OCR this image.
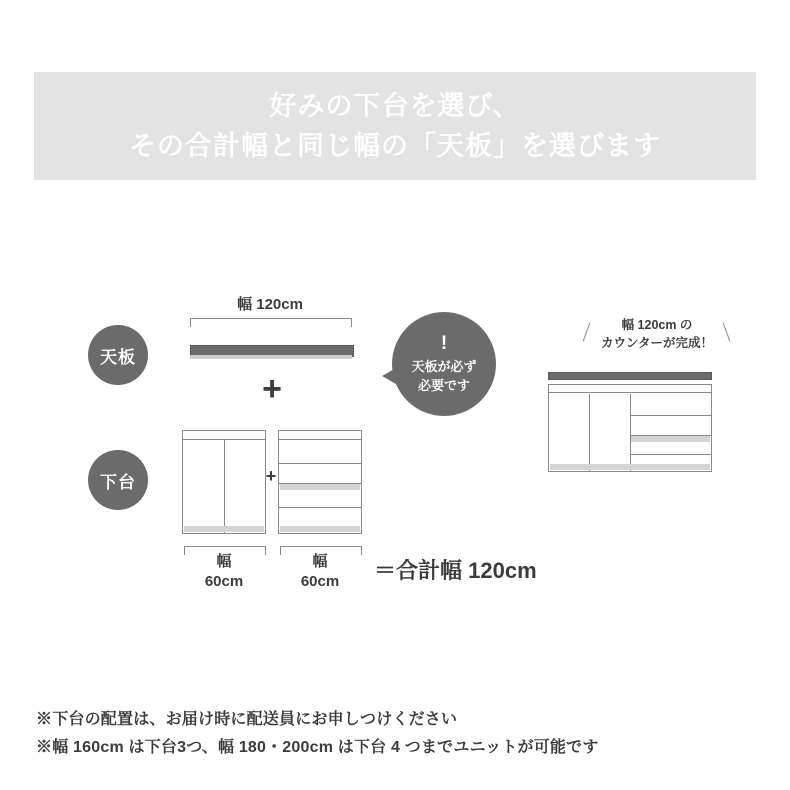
好みの下台を選び、
その合計幅と同じ幅の「天板」を選びます
天板
下台
幅 120cm
+
!
天板が必ず
必要です
+
幅
60cm
幅
60cm	＝合計幅 120cm
幅 120cm の
カウンターが完成！
※下台の配置は、お届け時に配送員にお申しつけください
※幅 160cm は下台3つ、幅 180・200cm は下台 4 つまでユニットが可能です
